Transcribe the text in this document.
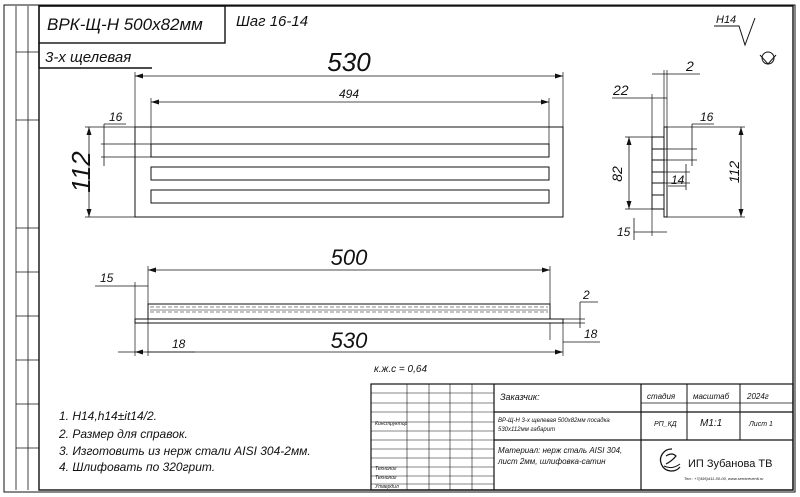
ВРК-Щ-Н 500х82мм Шаг 16-14
3-х щелевая
H14
530
494
112
16
2
22
16
82	14	112
15
500
15
2
530
18
18
к.ж.с = 0,64
1. H14,h14±it14/2.
2. Размер для справок.
3. Изготовить из нерж стали AISI 304-2мм.
4. Шлифовать по 320грит.
Конструктор
Технолог
Технолог
Утвердил
Заказчик:	стадия масштаб 2024г
ВР-Щ-Н 3-х щелевая 500х82мм посадка
530х112мм габарит
РП_КД М1:1	Лист 1
Материал: нерж сталь AISI 304,
лист 2мм, шлифовка-сатин	ИП Зубанова ТВ
Тел.: +7(495)411-00-00, www.serviceventl.ru
